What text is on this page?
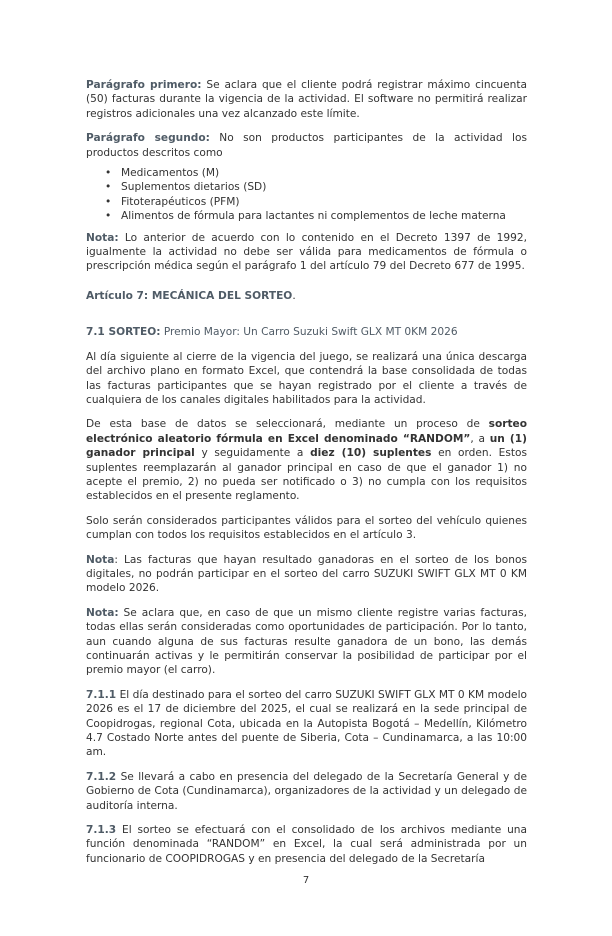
Parágrafo primero: Se aclara que el cliente podrá registrar máximo cincuenta (50) facturas durante la vigencia de la actividad. El software no permitirá realizar registros adicionales una vez alcanzado este límite.

Parágrafo segundo: No son productos participantes de la actividad los productos descritos como

• Medicamentos (M)
• Suplementos dietarios (SD)
• Fitoterapéuticos (PFM)
• Alimentos de fórmula para lactantes ni complementos de leche materna

Nota: Lo anterior de acuerdo con lo contenido en el Decreto 1397 de 1992, igualmente la actividad no debe ser válida para medicamentos de fórmula o prescripción médica según el parágrafo 1 del artículo 79 del Decreto 677 de 1995.

Artículo 7: MECÁNICA DEL SORTEO.

7.1 SORTEO: Premio Mayor: Un Carro Suzuki Swift GLX MT 0KM 2026

Al día siguiente al cierre de la vigencia del juego, se realizará una única descarga del archivo plano en formato Excel, que contendrá la base consolidada de todas las facturas participantes que se hayan registrado por el cliente a través de cualquiera de los canales digitales habilitados para la actividad.

De esta base de datos se seleccionará, mediante un proceso de sorteo electrónico aleatorio fórmula en Excel denominado “RANDOM”, a un (1) ganador principal y seguidamente a diez (10) suplentes en orden. Estos suplentes reemplazarán al ganador principal en caso de que el ganador 1) no acepte el premio, 2) no pueda ser notificado o 3) no cumpla con los requisitos establecidos en el presente reglamento.

Solo serán considerados participantes válidos para el sorteo del vehículo quienes cumplan con todos los requisitos establecidos en el artículo 3.

Nota: Las facturas que hayan resultado ganadoras en el sorteo de los bonos digitales, no podrán participar en el sorteo del carro SUZUKI SWIFT GLX MT 0 KM modelo 2026.

Nota: Se aclara que, en caso de que un mismo cliente registre varias facturas, todas ellas serán consideradas como oportunidades de participación. Por lo tanto, aun cuando alguna de sus facturas resulte ganadora de un bono, las demás continuarán activas y le permitirán conservar la posibilidad de participar por el premio mayor (el carro).

7.1.1 El día destinado para el sorteo del carro SUZUKI SWIFT GLX MT 0 KM modelo 2026 es el 17 de diciembre del 2025, el cual se realizará en la sede principal de Coopidrogas, regional Cota, ubicada en la Autopista Bogotá – Medellín, Kilómetro 4.7 Costado Norte antes del puente de Siberia, Cota – Cundinamarca, a las 10:00 am.

7.1.2 Se llevará a cabo en presencia del delegado de la Secretaría General y de Gobierno de Cota (Cundinamarca), organizadores de la actividad y un delegado de auditoría interna.

7.1.3 El sorteo se efectuará con el consolidado de los archivos mediante una función denominada “RANDOM” en Excel, la cual será administrada por un funcionario de COOPIDROGAS y en presencia del delegado de la Secretaría

7
